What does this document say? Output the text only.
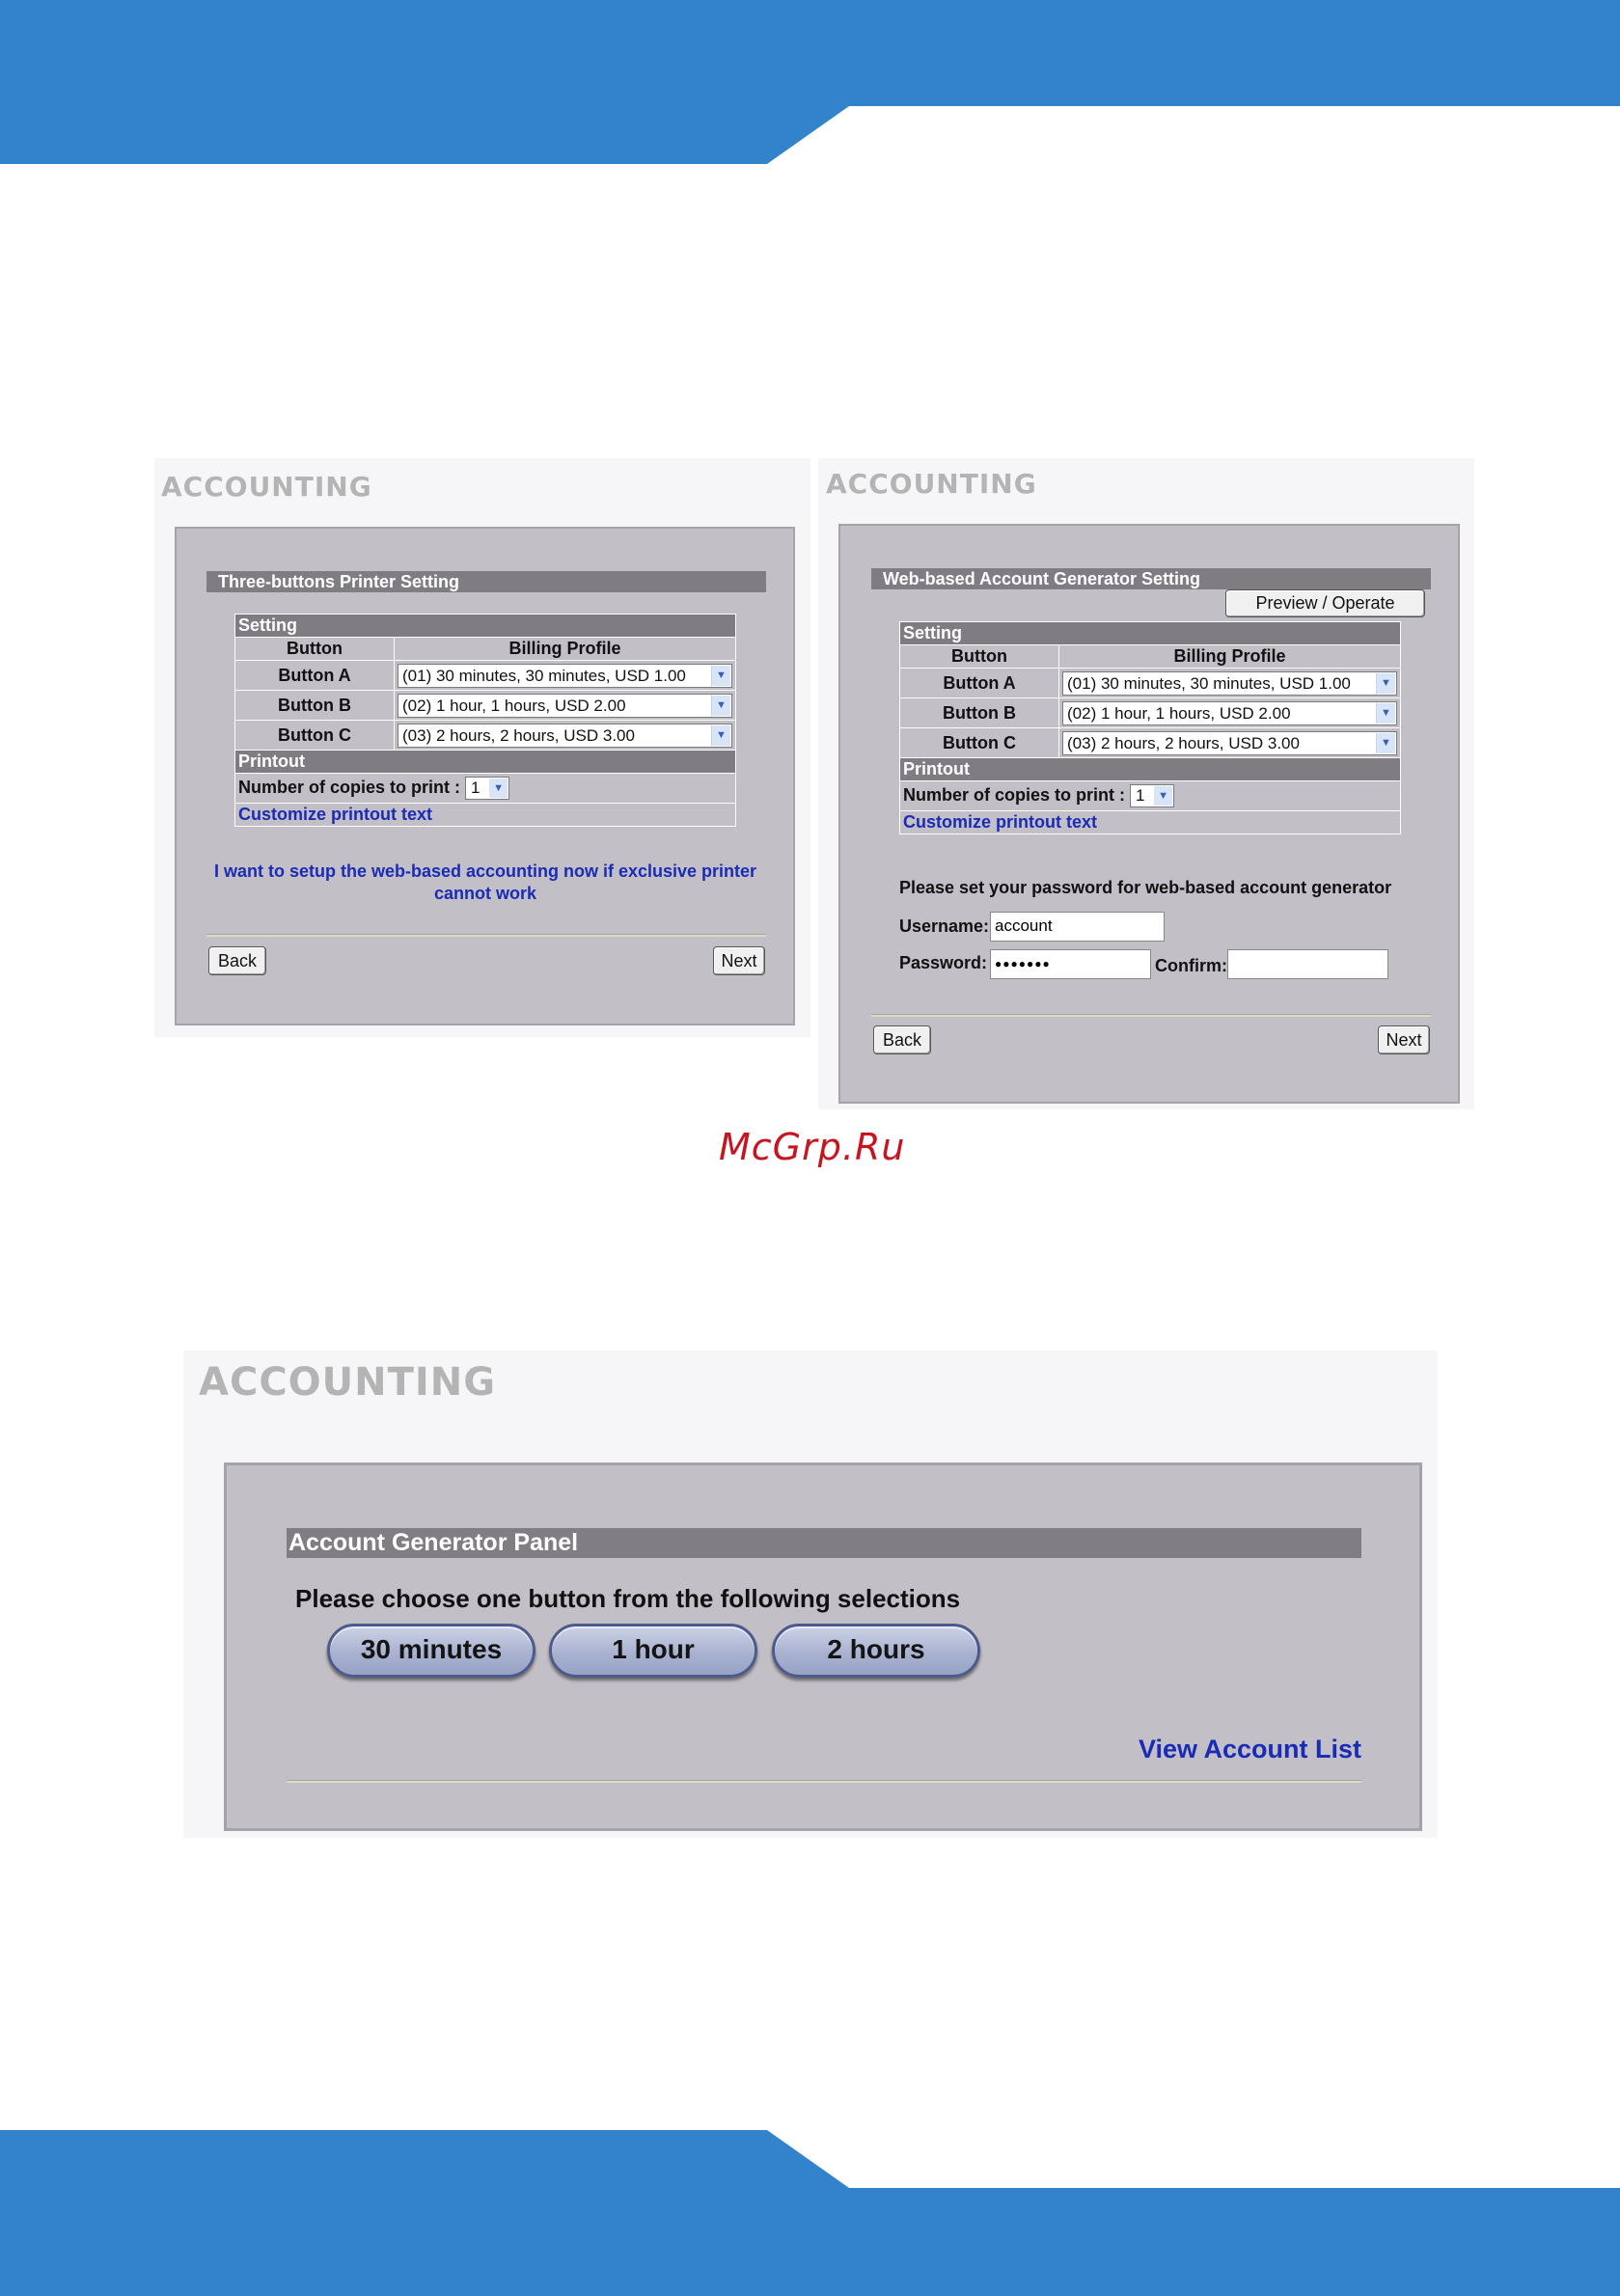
ACCOUNTING
Three-buttons Printer Setting
Setting	
Button	Billing Profile
Button A	(01) 30 minutes, 30 minutes, USD 1.00 ▼

Button B	(02) 1 hour, 1 hours, USD 2.00 ▼

Button C	(03) 2 hours, 2 hours, USD 3.00 ▼

Printout	
Number of copies to print : 1 ▼	

Customize printout text	
I want to setup the web-based accounting now if exclusive printer cannot work
Back	Next
ACCOUNTING
Web-based Account Generator Setting
Preview / Operate
Setting	
Button	Billing Profile
Button A	(01) 30 minutes, 30 minutes, USD 1.00 ▼

Button B	(02) 1 hour, 1 hours, USD 2.00 ▼

Button C	(03) 2 hours, 2 hours, USD 3.00 ▼

Printout	
Number of copies to print : 1 ▼	

Customize printout text	
Please set your password for web-based account generator
Username: account
Password: ●●●●●●●	Confirm:
Back	Next
McGrp.Ru
ACCOUNTING
Account Generator Panel
Please choose one button from the following selections
30 minutes	1 hour	2 hours
View Account List
